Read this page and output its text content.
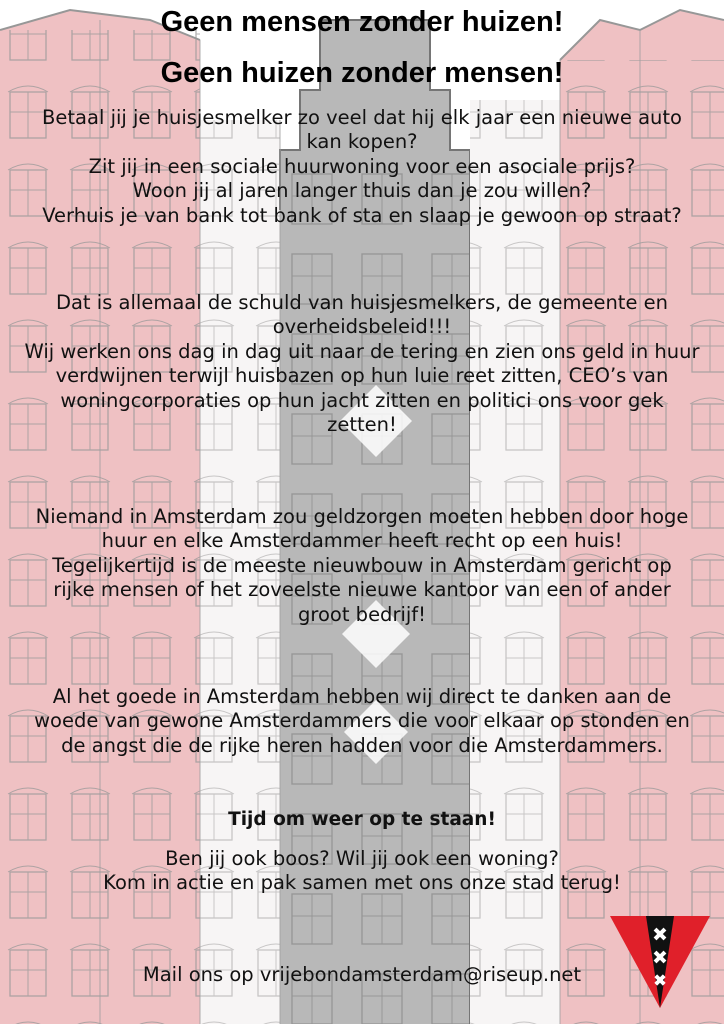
Geen mensen zonder huizen!
Geen huizen zonder mensen!
Betaal jij je huisjesmelker zo veel dat hij elk jaar een nieuwe auto
kan kopen?
Zit jij in een sociale huurwoning voor een asociale prijs?
Woon jij al jaren langer thuis dan je zou willen?
Verhuis je van bank tot bank of sta en slaap je gewoon op straat?
Dat is allemaal de schuld van huisjesmelkers, de gemeente en
overheidsbeleid!!!
Wij werken ons dag in dag uit naar de tering en zien ons geld in huur
verdwijnen terwijl huisbazen op hun luie reet zitten, CEO’s van
woningcorporaties op hun jacht zitten en politici ons voor gek
zetten!
Niemand in Amsterdam zou geldzorgen moeten hebben door hoge
huur en elke Amsterdammer heeft recht op een huis!
Tegelijkertijd is de meeste nieuwbouw in Amsterdam gericht op
rijke mensen of het zoveelste nieuwe kantoor van een of ander
groot bedrijf!
Al het goede in Amsterdam hebben wij direct te danken aan de
woede van gewone Amsterdammers die voor elkaar op stonden en
de angst die de rijke heren hadden voor die Amsterdammers.
Tijd om weer op te staan!
Ben jij ook boos? Wil jij ook een woning?
Kom in actie en pak samen met ons onze stad terug!
Mail ons op vrijebondamsterdam@riseup.net
